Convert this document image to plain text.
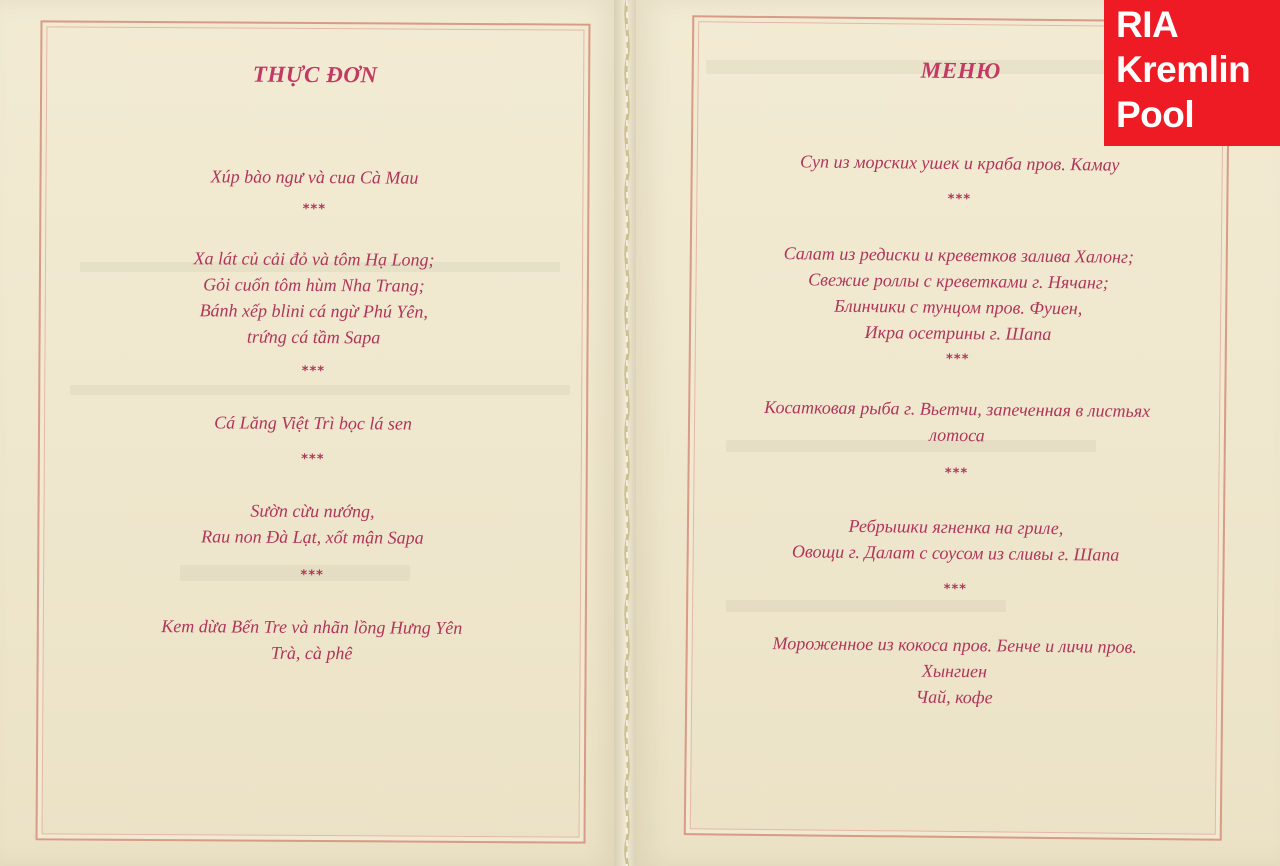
THỰC ĐƠN
Xúp bào ngư và cua Cà Mau
***
Xa lát củ cải đỏ và tôm Hạ Long;
Gỏi cuốn tôm hùm Nha Trang;
Bánh xếp blini cá ngừ Phú Yên,
trứng cá tầm Sapa
***
Cá Lăng Việt Trì bọc lá sen
***
Sườn cừu nướng,
Rau non Đà Lạt, xốt mận Sapa
***
Kem dừa Bến Tre và nhãn lồng Hưng Yên
Trà, cà phê
МЕНЮ
Суп из морских ушек и краба пров. Камау
***
Салат из редиски и креветков залива Халонг;
Свежие роллы с креветками г. Нячанг;
Блинчики с тунцом пров. Фуиен,
Икра осетрины г. Шапа
***
Косатковая рыба г. Вьетчи, запеченная в листьях
лотоса
***
Ребрышки ягненка на гриле,
Овощи г. Далат с соусом из сливы г. Шапа
***
Мороженное из кокоса пров. Бенче и личи пров.
Хынгиен
Чай, кофе
RIA
Kremlin
Pool
